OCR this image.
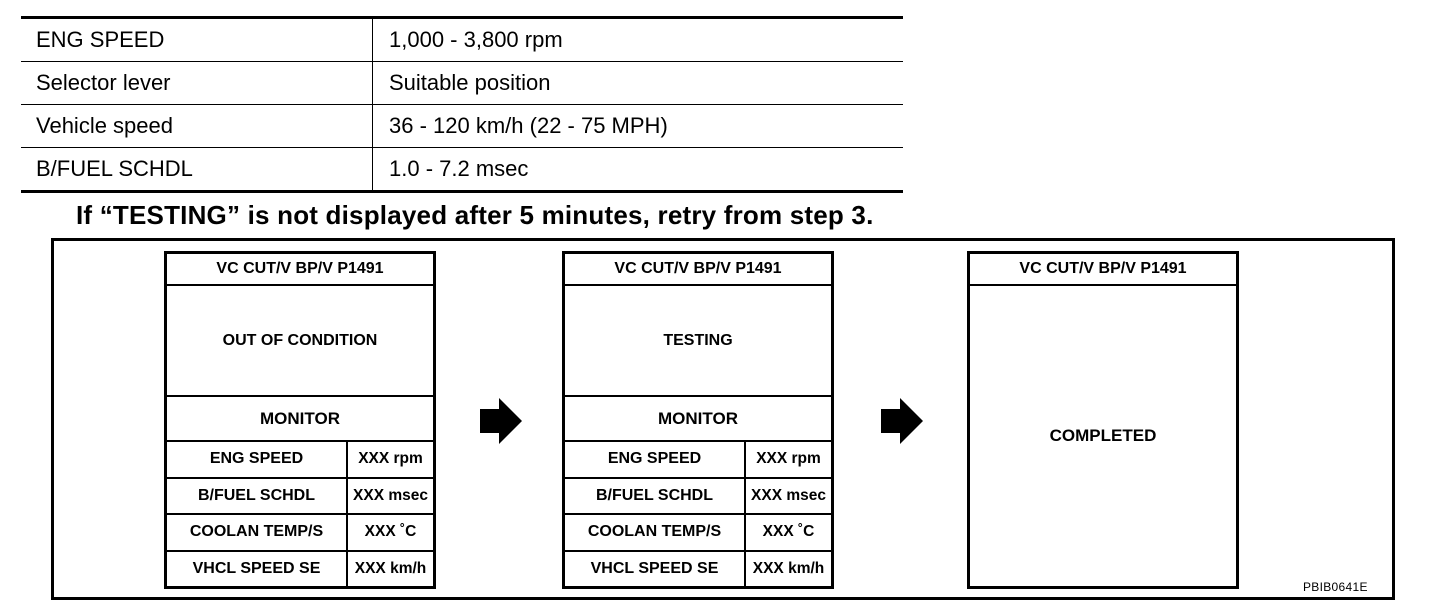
ENG SPEED	1,000 - 3,800 rpm
Selector lever	Suitable position
Vehicle speed	36 - 120 km/h (22 - 75 MPH)
B/FUEL SCHDL	1.0 - 7.2 msec
If “TESTING” is not displayed after 5 minutes, retry from step 3.
VC CUT/V BP/V P1491
OUT OF CONDITION
MONITOR
ENG SPEED	XXX rpm
B/FUEL SCHDL	XXX msec
COOLAN TEMP/S	XXX ˚C
VHCL SPEED SE	XXX km/h
VC CUT/V BP/V P1491
TESTING
MONITOR
ENG SPEED	XXX rpm
B/FUEL SCHDL	XXX msec
COOLAN TEMP/S	XXX ˚C
VHCL SPEED SE	XXX km/h
VC CUT/V BP/V P1491
COMPLETED
PBIB0641E
